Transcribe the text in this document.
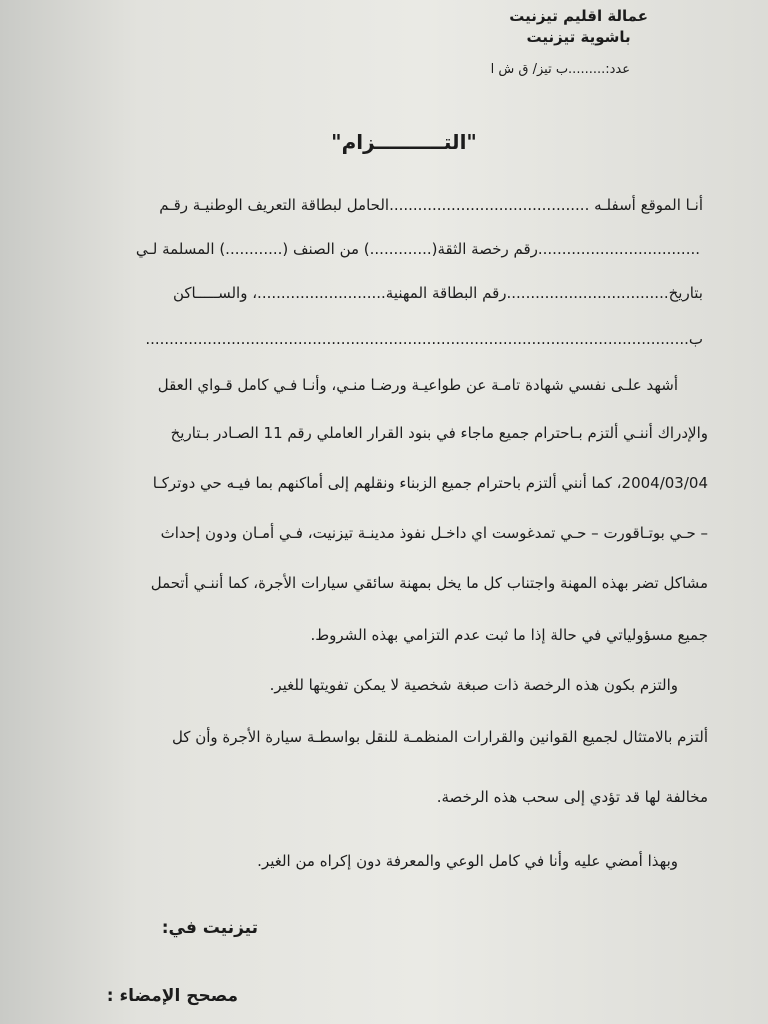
عمالة اقليم تيزنيت
باشوية تيزنيت
عدد:.........ب تيز/ ق ش ا
"التــــــــــزام"
أنـا الموقع أسفلـه ..........................................الحامل لبطاقة التعريف الوطنيـة رقـم
..................................رقم رخصة الثقة(.............) من الصنف (............) المسلمة لـي
بتاريخ..................................رقم البطاقة المهنية...........................، والســـــاكن
ب..................................................................................................................
أشهد علـى نفسي شهادة تامـة عن طواعيـة ورضـا منـي، وأنـا فـي كامل قـواي العقل
والإدراك أننـي ألتزم بـاحترام جميع ماجاء في بنود القرار العاملي رقم 11 الصـادر بـتاريخ
2004/03/04، كما أنني ألتزم باحترام جميع الزبناء ونقلهم إلى أماكنهم بما فيـه حي دوتركـا
– حـي بوتـاقورت – حـي تمدغوست اي داخـل نفوذ مدينـة تيزنيت، فـي أمـان ودون إحداث
مشاكل تضر بهذه المهنة واجتناب كل ما يخل بمهنة سائقي سيارات الأجرة، كما أننـي أتحمل
جميع مسؤولياتي في حالة إذا ما ثبت عدم التزامي بهذه الشروط.
والتزم بكون هذه الرخصة ذات صبغة شخصية لا يمكن تفويتها للغير.
ألتزم بالامتثال لجميع القوانين والقرارات المنظمـة للنقل بواسطـة سيارة الأجرة وأن كل
مخالفة لها قد تؤدي إلى سحب هذه الرخصة.
وبهذا أمضي عليه وأنا في كامل الوعي والمعرفة دون إكراه من الغير.
تيزنيت في:
مصحح الإمضاء :
